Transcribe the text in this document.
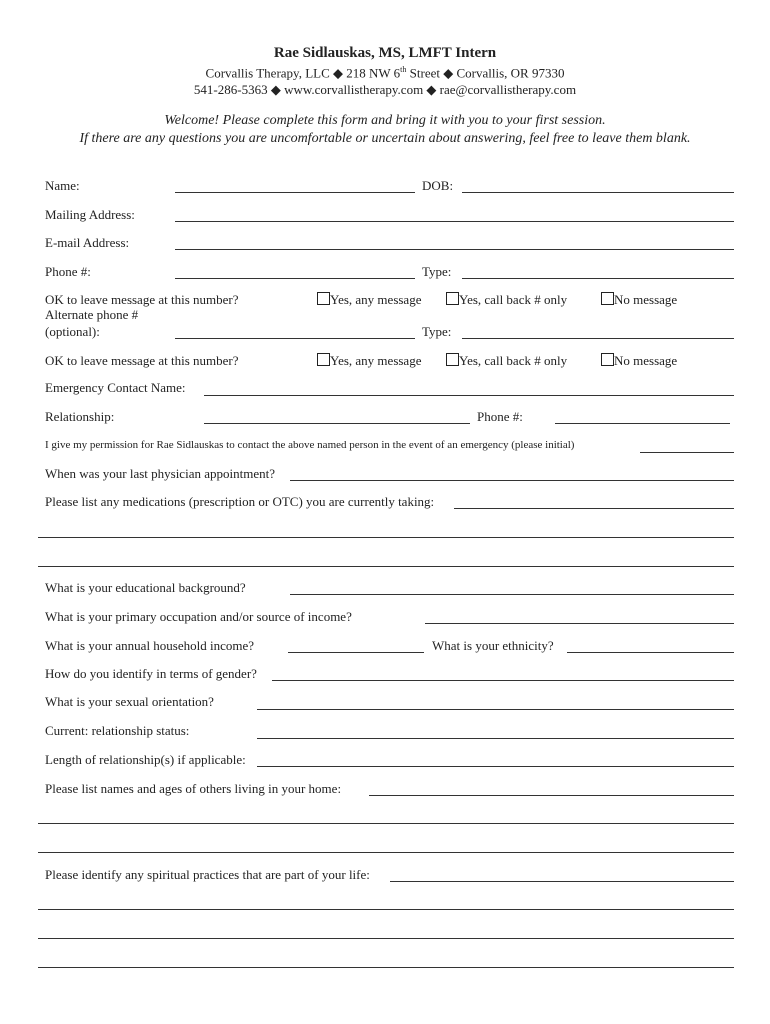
Rae Sidlauskas, MS, LMFT Intern
Corvallis Therapy, LLC ◆ 218 NW 6th Street ◆ Corvallis, OR 97330
541-286-5363 ◆ www.corvallistherapy.com ◆ rae@corvallistherapy.com
Welcome! Please complete this form and bring it with you to your first session.
If there are any questions you are uncomfortable or uncertain about answering, feel free to leave them blank.
Name:	DOB:
Mailing Address:
E-mail Address:
Phone #:	Type:
OK to leave message at this number?	Yes, any message	Yes, call back # only	No message
Alternate phone #
(optional):	Type:
OK to leave message at this number?	Yes, any message	Yes, call back # only	No message
Emergency Contact Name:
Relationship:	Phone #:
I give my permission for Rae Sidlauskas to contact the above named person in the event of an emergency (please initial)
When was your last physician appointment?
Please list any medications (prescription or OTC) you are currently taking:
What is your educational background?
What is your primary occupation and/or source of income?
What is your annual household income?	What is your ethnicity?
How do you identify in terms of gender?
What is your sexual orientation?
Current: relationship status:
Length of relationship(s) if applicable:
Please list names and ages of others living in your home:
Please identify any spiritual practices that are part of your life:
